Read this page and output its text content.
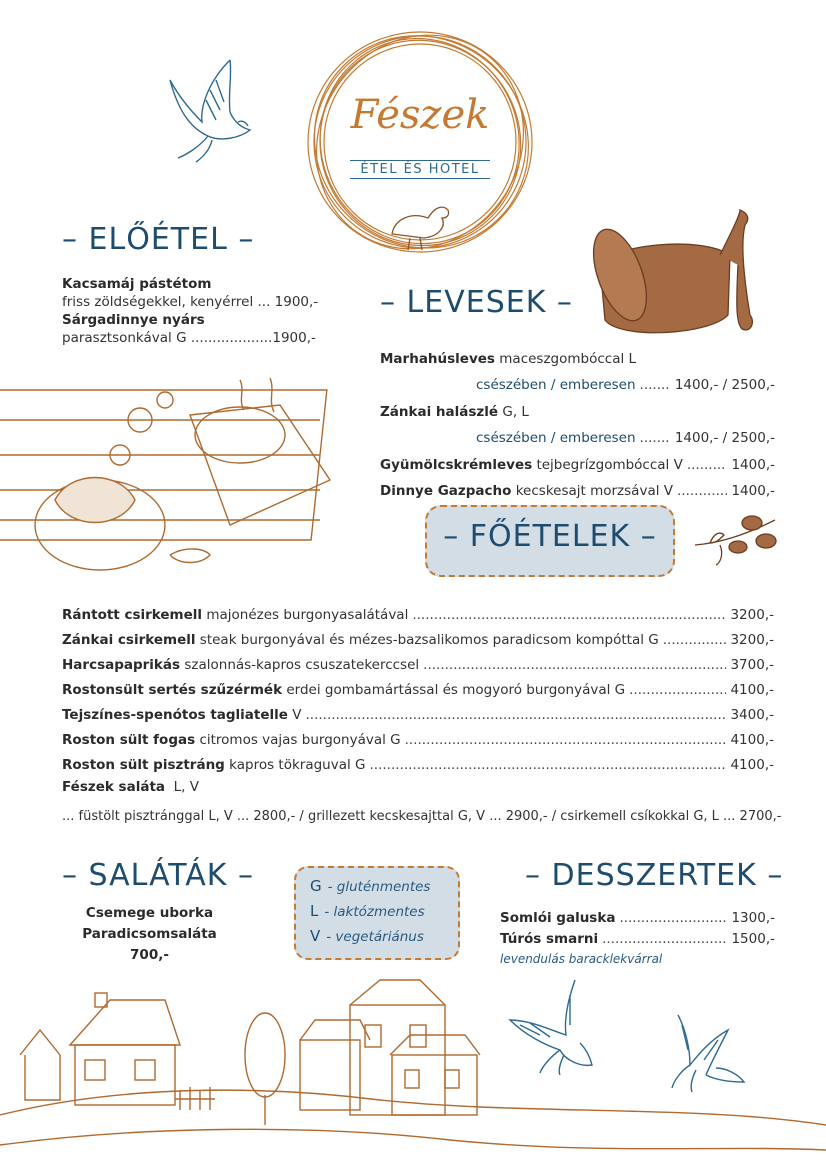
Fészek
ÉTEL ÉS HOTEL
– ELŐÉTEL –
Kacsamáj pástétom
friss zöldségekkel, kenyérrel ... 1900,-
Sárgadinnye nyárs
parasztsonkával G ...................1900,-
– LEVESEK –
Marhahúsleves maceszgombóccal L
csészében / emberesen .....	1400,- / 2500,-
Zánkai halászlé G, L
csészében / emberesen .....	1400,- / 2500,-
Gyümölcskrémleves
tejbegrízgombóccal V .....	1400,-
Dinnye Gazpacho
kecskesajt morzsával V .....	1400,-
– FŐÉTELEK –
Rántott csirkemell
majonézes burgonyasalátával .....	3200,-
Zánkai csirkemell
steak burgonyával és mézes-bazsalikomos paradicsom kompóttal G .....	3200,-
Harcsapaprikás
szalonnás-kapros csuszatekerccsel .....	3700,-
Rostonsült sertés szűzérmék
erdei gombamártással és mogyoró burgonyával G .....	4100,-
Tejszínes-spenótos tagliatelle
V .....	3400,-
Roston sült fogas
citromos vajas burgonyával G .....	4100,-
Roston sült pisztráng
kapros tökraguval G .....	4100,-
Fészek saláta L, V
... füstölt pisztránggal L, V ... 2800,- / grillezett kecskesajttal G, V ... 2900,- / csirkemell csíkokkal G, L ... 2700,-
– SALÁTÁK –
Csemege uborka
Paradicsomsaláta
700,-
G - gluténmentes
L - laktózmentes
V - vegetáriánus
– DESSZERTEK –
Somlói galuska .....	1300,-
Túrós smarni .....	1500,-
levendulás baracklekvárral
